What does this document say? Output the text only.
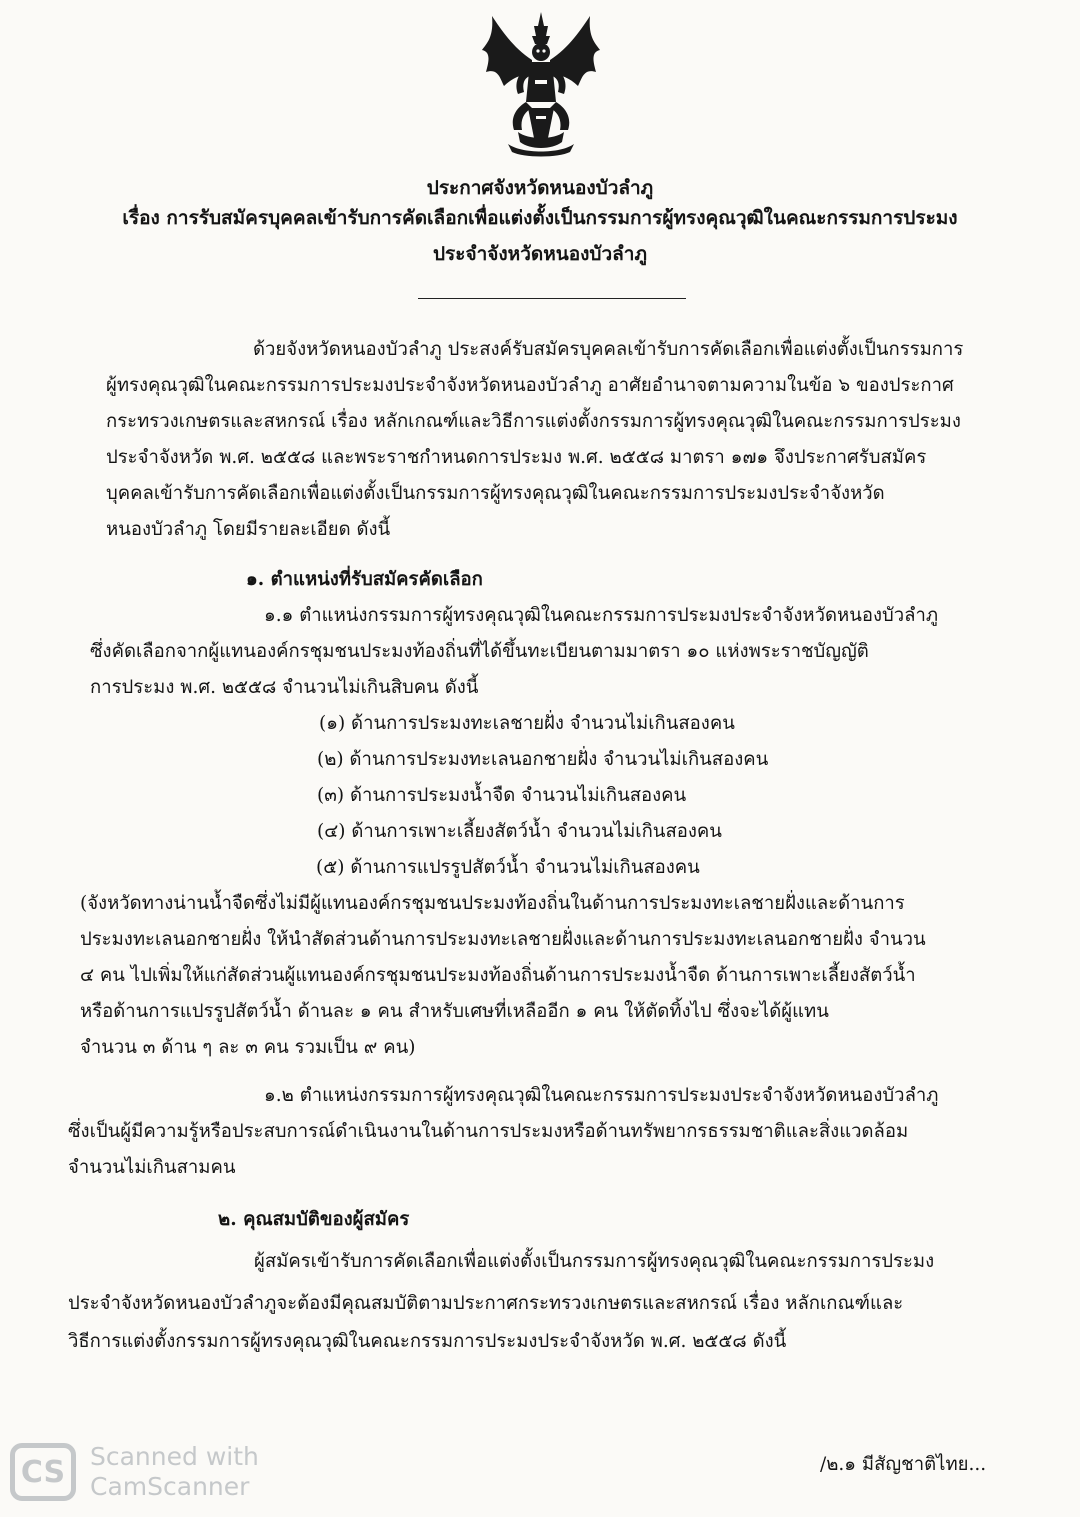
ประกาศจังหวัดหนองบัวลำภู
เรื่อง การรับสมัครบุคคลเข้ารับการคัดเลือกเพื่อแต่งตั้งเป็นกรรมการผู้ทรงคุณวุฒิในคณะกรรมการประมง
ประจำจังหวัดหนองบัวลำภู
ด้วยจังหวัดหนองบัวลำภู ประสงค์รับสมัครบุคคลเข้ารับการคัดเลือกเพื่อแต่งตั้งเป็นกรรมการ
ผู้ทรงคุณวุฒิในคณะกรรมการประมงประจำจังหวัดหนองบัวลำภู อาศัยอำนาจตามความในข้อ ๖ ของประกาศ
กระทรวงเกษตรและสหกรณ์ เรื่อง หลักเกณฑ์และวิธีการแต่งตั้งกรรมการผู้ทรงคุณวุฒิในคณะกรรมการประมง
ประจำจังหวัด พ.ศ. ๒๕๕๘ และพระราชกำหนดการประมง พ.ศ. ๒๕๕๘ มาตรา ๑๗๑ จึงประกาศรับสมัคร
บุคคลเข้ารับการคัดเลือกเพื่อแต่งตั้งเป็นกรรมการผู้ทรงคุณวุฒิในคณะกรรมการประมงประจำจังหวัด
หนองบัวลำภู โดยมีรายละเอียด ดังนี้
๑. ตำแหน่งที่รับสมัครคัดเลือก
๑.๑ ตำแหน่งกรรมการผู้ทรงคุณวุฒิในคณะกรรมการประมงประจำจังหวัดหนองบัวลำภู
ซึ่งคัดเลือกจากผู้แทนองค์กรชุมชนประมงท้องถิ่นที่ได้ขึ้นทะเบียนตามมาตรา ๑๐ แห่งพระราชบัญญัติ
การประมง พ.ศ. ๒๕๕๘ จำนวนไม่เกินสิบคน ดังนี้
(๑) ด้านการประมงทะเลชายฝั่ง จำนวนไม่เกินสองคน
(๒) ด้านการประมงทะเลนอกชายฝั่ง จำนวนไม่เกินสองคน
(๓) ด้านการประมงน้ำจืด จำนวนไม่เกินสองคน
(๔) ด้านการเพาะเลี้ยงสัตว์น้ำ จำนวนไม่เกินสองคน
(๕) ด้านการแปรรูปสัตว์น้ำ จำนวนไม่เกินสองคน
(จังหวัดทางน่านน้ำจืดซึ่งไม่มีผู้แทนองค์กรชุมชนประมงท้องถิ่นในด้านการประมงทะเลชายฝั่งและด้านการ
ประมงทะเลนอกชายฝั่ง ให้นำสัดส่วนด้านการประมงทะเลชายฝั่งและด้านการประมงทะเลนอกชายฝั่ง จำนวน
๔ คน ไปเพิ่มให้แก่สัดส่วนผู้แทนองค์กรชุมชนประมงท้องถิ่นด้านการประมงน้ำจืด ด้านการเพาะเลี้ยงสัตว์น้ำ
หรือด้านการแปรรูปสัตว์น้ำ ด้านละ ๑ คน สำหรับเศษที่เหลืออีก ๑ คน ให้ตัดทิ้งไป ซึ่งจะได้ผู้แทน
จำนวน ๓ ด้าน ๆ ละ ๓ คน รวมเป็น ๙ คน)
๑.๒ ตำแหน่งกรรมการผู้ทรงคุณวุฒิในคณะกรรมการประมงประจำจังหวัดหนองบัวลำภู
ซึ่งเป็นผู้มีความรู้หรือประสบการณ์ดำเนินงานในด้านการประมงหรือด้านทรัพยากรธรรมชาติและสิ่งแวดล้อม
จำนวนไม่เกินสามคน
๒. คุณสมบัติของผู้สมัคร
ผู้สมัครเข้ารับการคัดเลือกเพื่อแต่งตั้งเป็นกรรมการผู้ทรงคุณวุฒิในคณะกรรมการประมง
ประจำจังหวัดหนองบัวลำภูจะต้องมีคุณสมบัติตามประกาศกระทรวงเกษตรและสหกรณ์ เรื่อง หลักเกณฑ์และ
วิธีการแต่งตั้งกรรมการผู้ทรงคุณวุฒิในคณะกรรมการประมงประจำจังหวัด พ.ศ. ๒๕๕๘ ดังนี้
CS Scanned with
CamScanner
/๒.๑ มีสัญชาติไทย...
